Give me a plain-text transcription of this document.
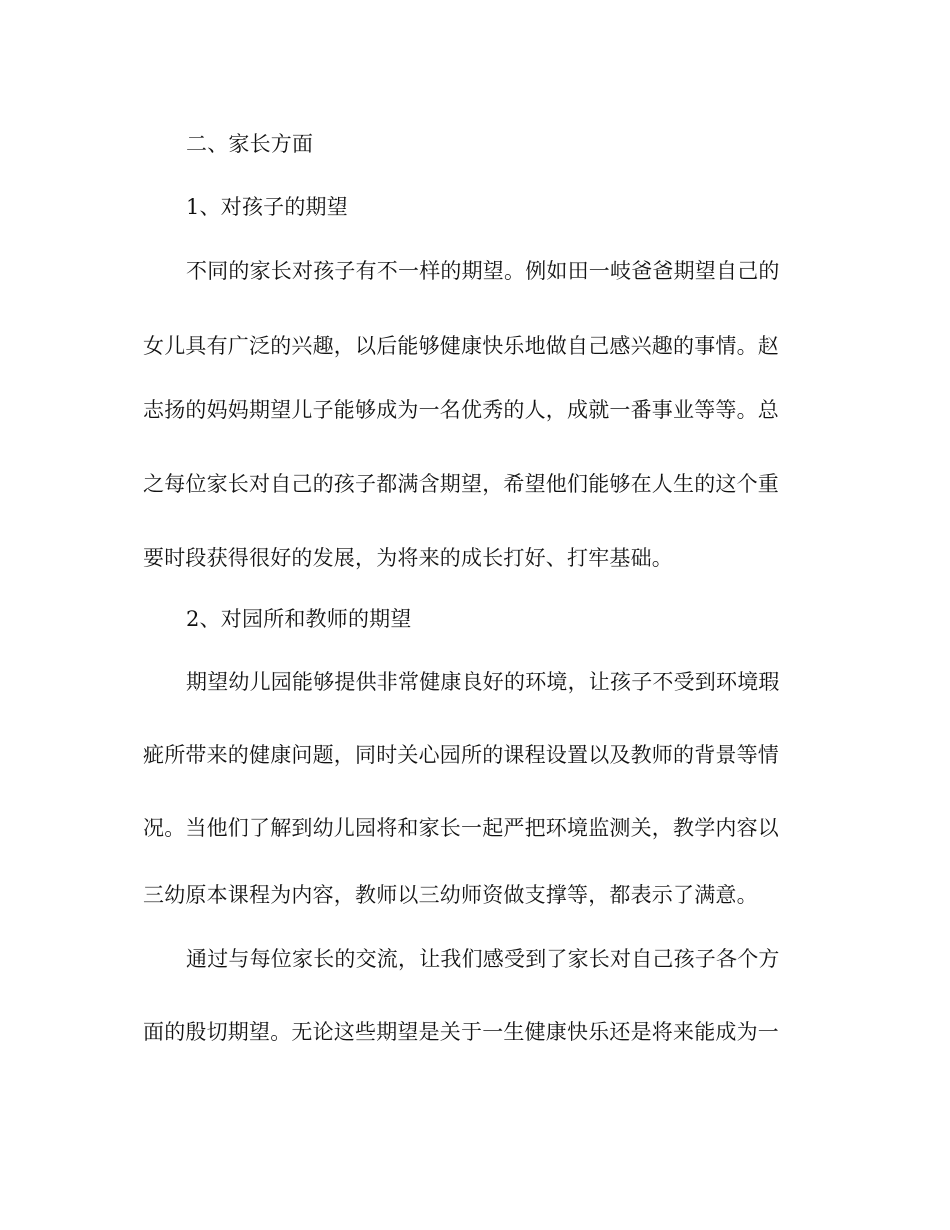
二、家长方面
1、对孩子的期望
不同的家长对孩子有不一样的期望。例如田一岐爸爸期望自己的
女儿具有广泛的兴趣，以后能够健康快乐地做自己感兴趣的事情。赵
志扬的妈妈期望儿子能够成为一名优秀的人，成就一番事业等等。总
之每位家长对自己的孩子都满含期望，希望他们能够在人生的这个重
要时段获得很好的发展，为将来的成长打好、打牢基础。
2、对园所和教师的期望
期望幼儿园能够提供非常健康良好的环境，让孩子不受到环境瑕
疵所带来的健康问题，同时关心园所的课程设置以及教师的背景等情
况。当他们了解到幼儿园将和家长一起严把环境监测关，教学内容以
三幼原本课程为内容，教师以三幼师资做支撑等，都表示了满意。
通过与每位家长的交流，让我们感受到了家长对自己孩子各个方
面的殷切期望。无论这些期望是关于一生健康快乐还是将来能成为一
